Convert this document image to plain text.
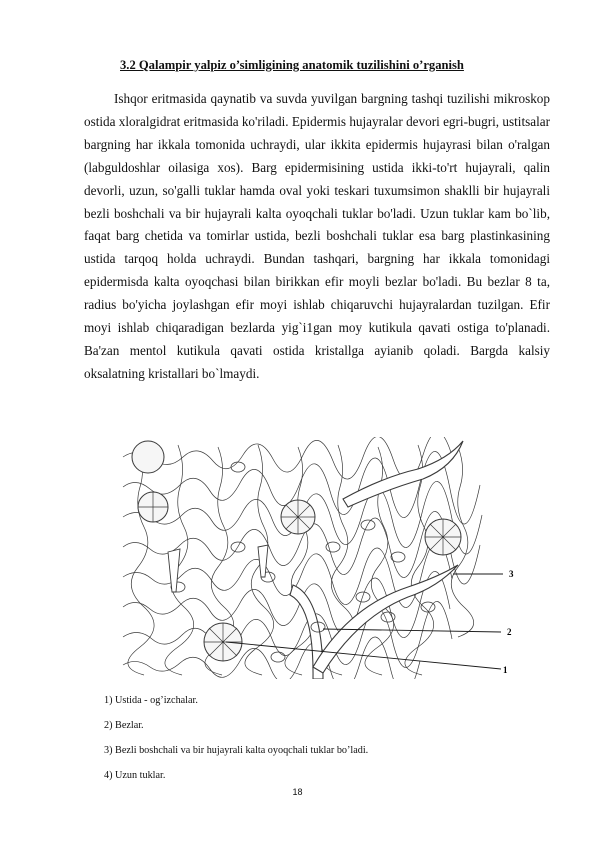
3.2 Qalampir yalpiz o’simligining anatomik tuzilishini o’rganish

Ishqor eritmasida qaynatib va suvda yuvilgan bargning tashqi tuzilishi mikroskop ostida xloralgidrat eritmasida ko'riladi. Epidermis hujayralar devori egri-bugri, ustitsalar bargning har ikkala tomonida uchraydi, ular ikkita epidermis hujayrasi bilan o'ralgan (labguldoshlar oilasiga xos). Barg epidermisining ustida ikki-to'rt hujayrali, qalin devorli, uzun, so'galli tuklar hamda oval yoki teskari tuxumsimon shaklli bir hujayrali bezli boshchali va bir hujayrali kalta oyoqchali tuklar bo'ladi. Uzun tuklar kam bo`lib, faqat barg chetida va tomirlar ustida, bezli boshchali tuklar esa barg plastinkasining ustida tarqoq holda uchraydi. Bundan tashqari, bargning har ikkala tomonidagi epidermisda kalta oyoqchasi bilan birikkan efir moyli bezlar bo'ladi. Bu bezlar 8 ta, radius bo'yicha joylashgan efir moyi ishlab chiqaruvchi hujayralardan tuzilgan. Efir moyi ishlab chiqaradigan bezlarda yig`i1gan moy kutikula qavati ostiga to'planadi. Ba'zan mentol kutikula qavati ostida kristallga ayianib qoladi. Bargda kalsiy oksalatning kristallari bo`lmaydi.

3
2
1
1) Ustida - og’izchalar.
2) Bezlar.
3) Bezli boshchali va bir hujayrali kalta oyoqchali tuklar bo’ladi.
4) Uzun tuklar.
18
